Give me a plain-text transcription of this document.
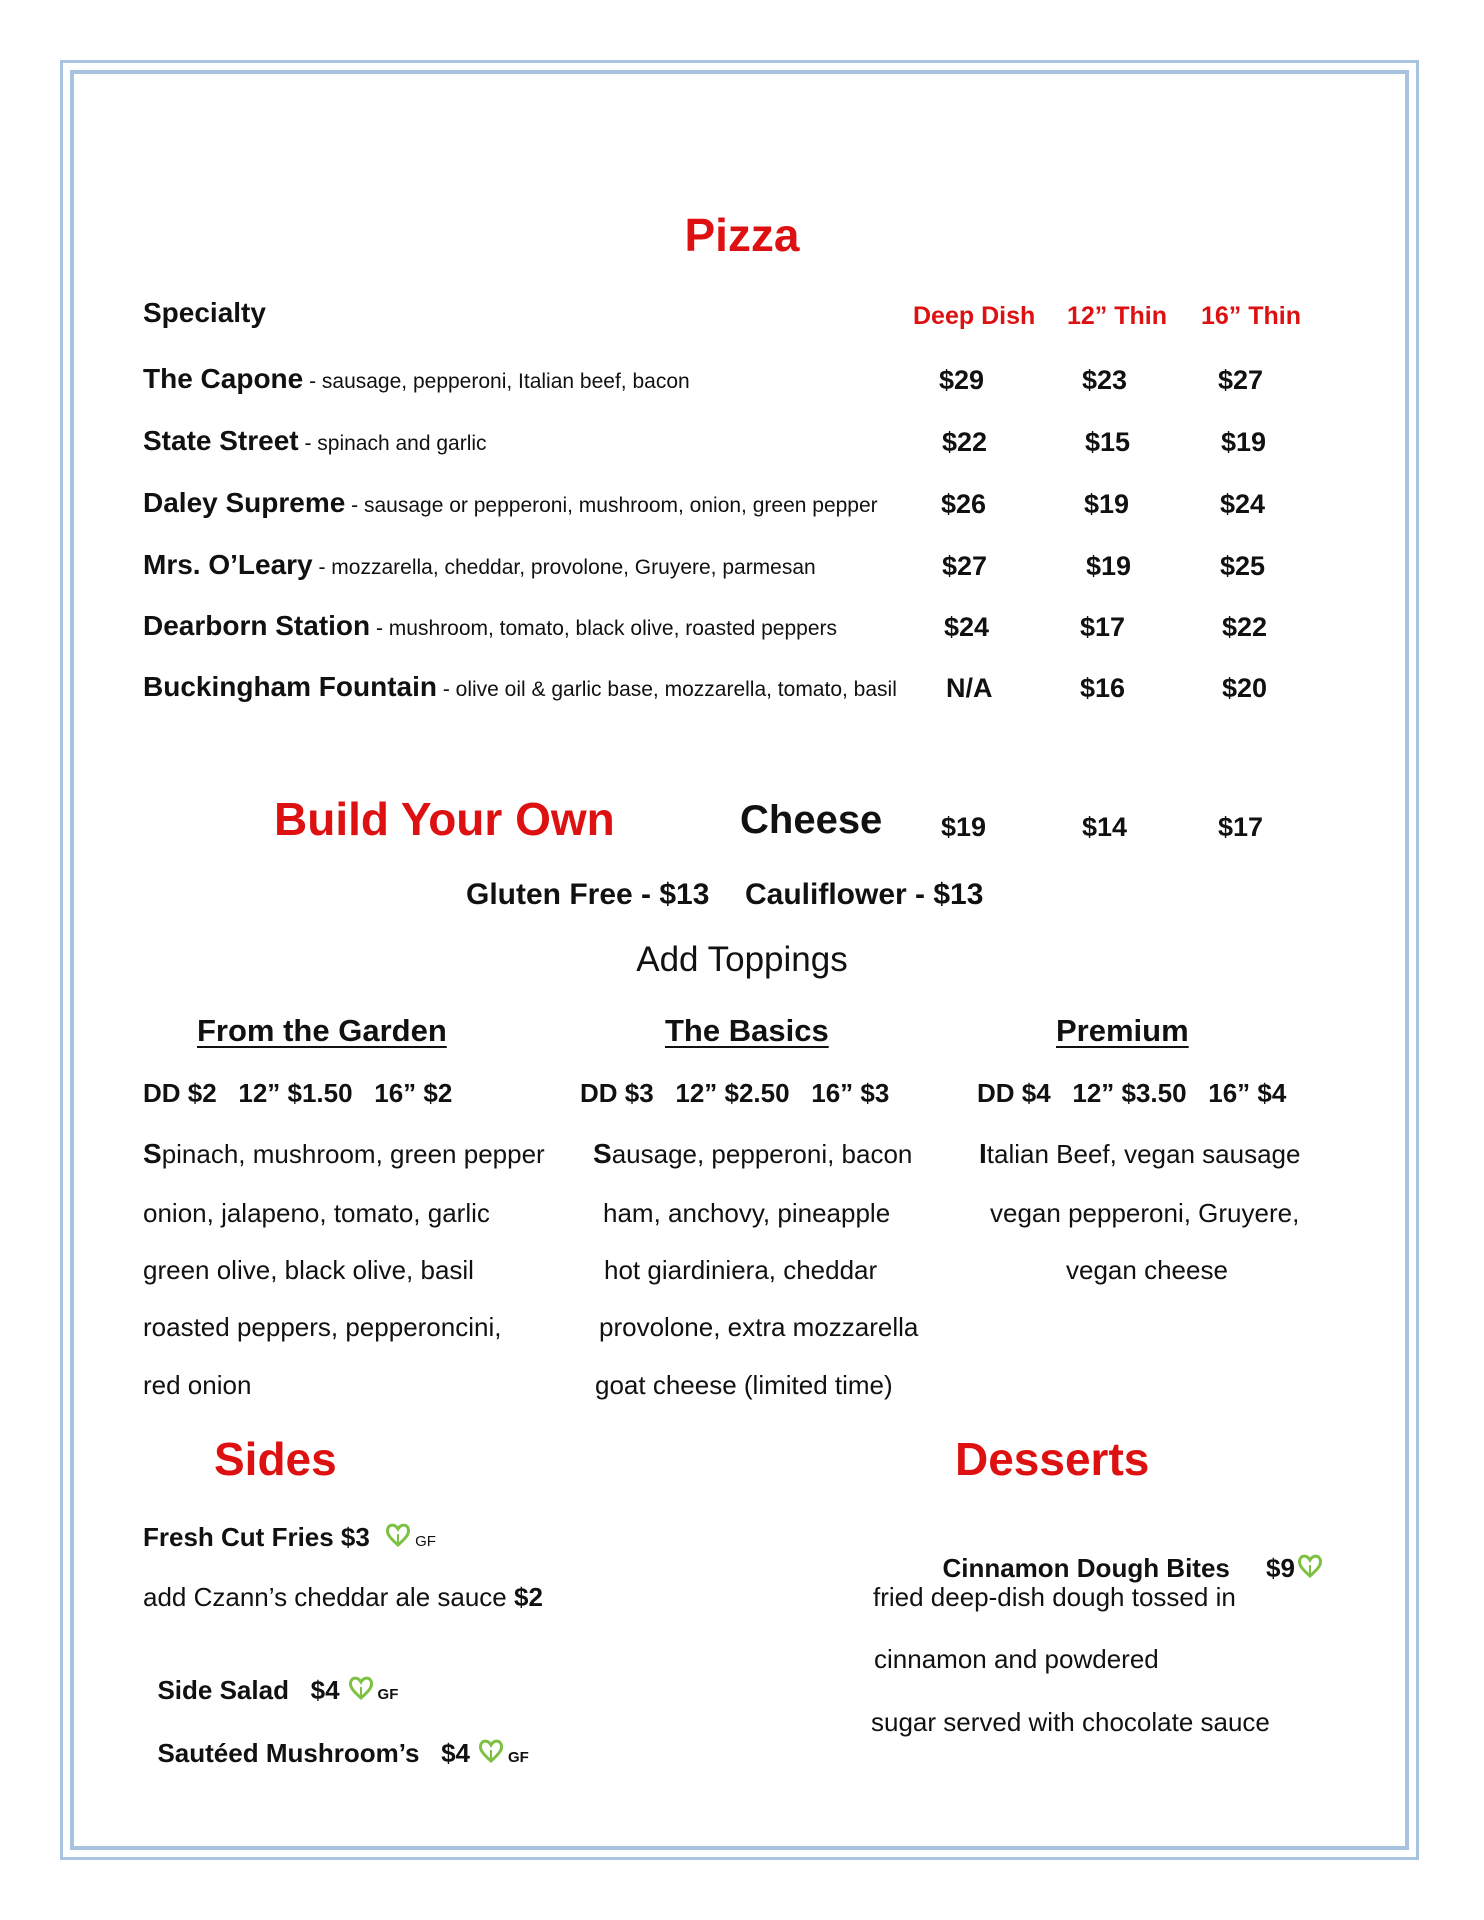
Pizza
Specialty	Deep Dish 12” Thin 16” Thin
The Capone - sausage, pepperoni, Italian beef, bacon	$29	$23	$27
State Street - spinach and garlic	$22	$15	$19
Daley Supreme - sausage or pepperoni, mushroom, onion, green pepper $26	$19	$24
Mrs. O’Leary - mozzarella, cheddar, provolone, Gruyere, parmesan	$27	$19	$25
Dearborn Station - mushroom, tomato, black olive, roasted peppers	$24	$17	$22
Buckingham Fountain - olive oil & garlic base, mozzarella, tomato, basil N/A	$16	$20
Build Your Own	Cheese $19	$14	$17
Gluten Free - $13 Cauliflower - $13
Add Toppings
From the Garden
DD $2   12” $1.50   16” $2
Spinach, mushroom, green pepper
onion, jalapeno, tomato, garlic
green olive, black olive, basil
roasted peppers, pepperoncini,
red onion
The Basics
DD $3   12” $2.50   16” $3
Sausage, pepperoni, bacon
ham, anchovy, pineapple
hot giardiniera, cheddar
provolone, extra mozzarella
goat cheese (limited time)
Premium
DD $4   12” $3.50   16” $4
Italian Beef, vegan sausage
vegan pepperoni, Gruyere,
vegan cheese
Sides
Fresh Cut Fries $3	GF
add Czann’s cheddar ale sauce $2

Side Salad   $4	GF

Sautéed Mushroom’s   $4	GF

Desserts

Cinnamon Dough Bites     $9

fried deep-dish dough tossed in
cinnamon and powdered
sugar served with chocolate sauce
